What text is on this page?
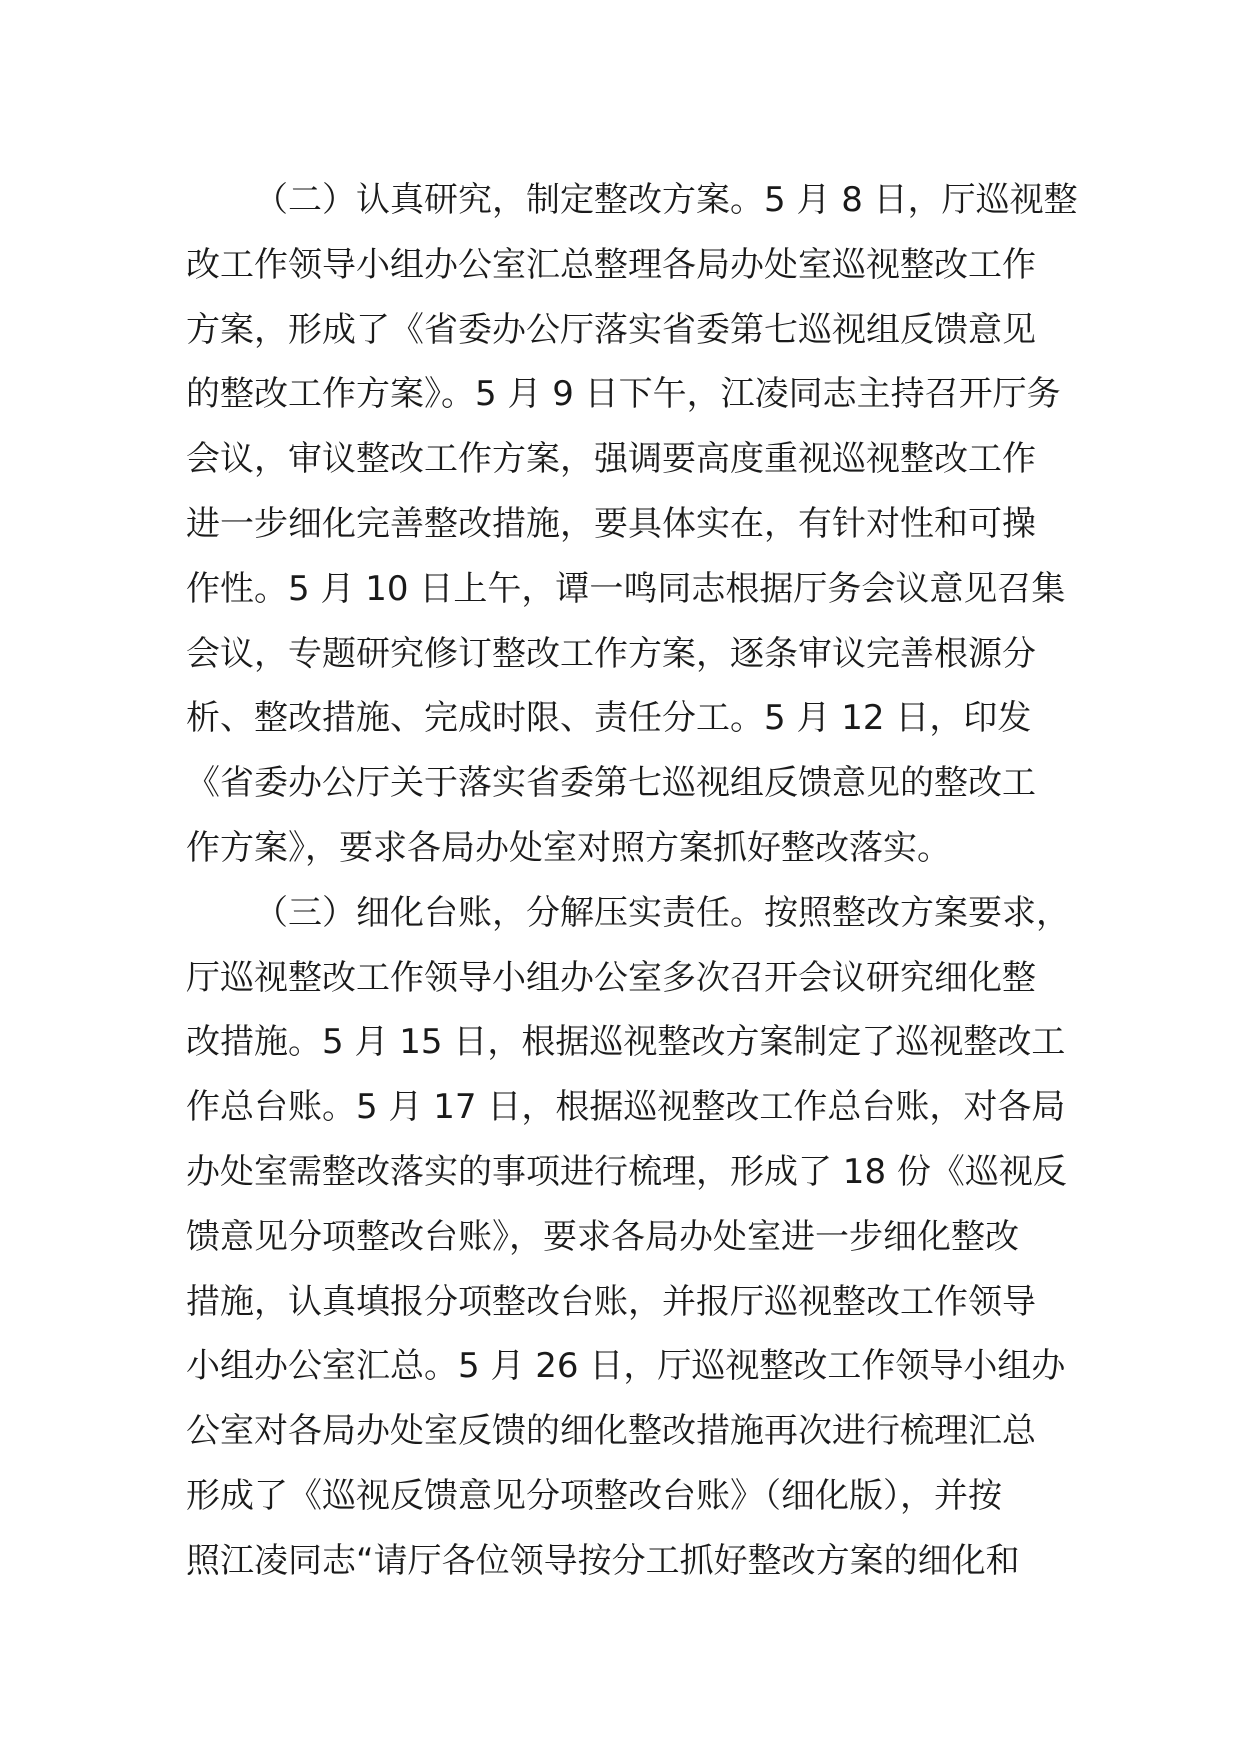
（二）认真研究，制定整改方案。5 月 8 日，厅巡视整
改工作领导小组办公室汇总整理各局办处室巡视整改工作
方案，形成了《省委办公厅落实省委第七巡视组反馈意见
的整改工作方案》。5 月 9 日下午，江凌同志主持召开厅务
会议，审议整改工作方案，强调要高度重视巡视整改工作
进一步细化完善整改措施，要具体实在，有针对性和可操
作性。5 月 10 日上午，谭一鸣同志根据厅务会议意见召集
会议，专题研究修订整改工作方案，逐条审议完善根源分
析、整改措施、完成时限、责任分工。5 月 12 日，印发
《省委办公厅关于落实省委第七巡视组反馈意见的整改工
作方案》，要求各局办处室对照方案抓好整改落实。
（三）细化台账，分解压实责任。按照整改方案要求，
厅巡视整改工作领导小组办公室多次召开会议研究细化整
改措施。5 月 15 日，根据巡视整改方案制定了巡视整改工
作总台账。5 月 17 日，根据巡视整改工作总台账，对各局
办处室需整改落实的事项进行梳理，形成了 18 份《巡视反
馈意见分项整改台账》，要求各局办处室进一步细化整改
措施，认真填报分项整改台账，并报厅巡视整改工作领导
小组办公室汇总。5 月 26 日，厅巡视整改工作领导小组办
公室对各局办处室反馈的细化整改措施再次进行梳理汇总
形成了《巡视反馈意见分项整改台账》（细化版），并按
照江凌同志“请厅各位领导按分工抓好整改方案的细化和
